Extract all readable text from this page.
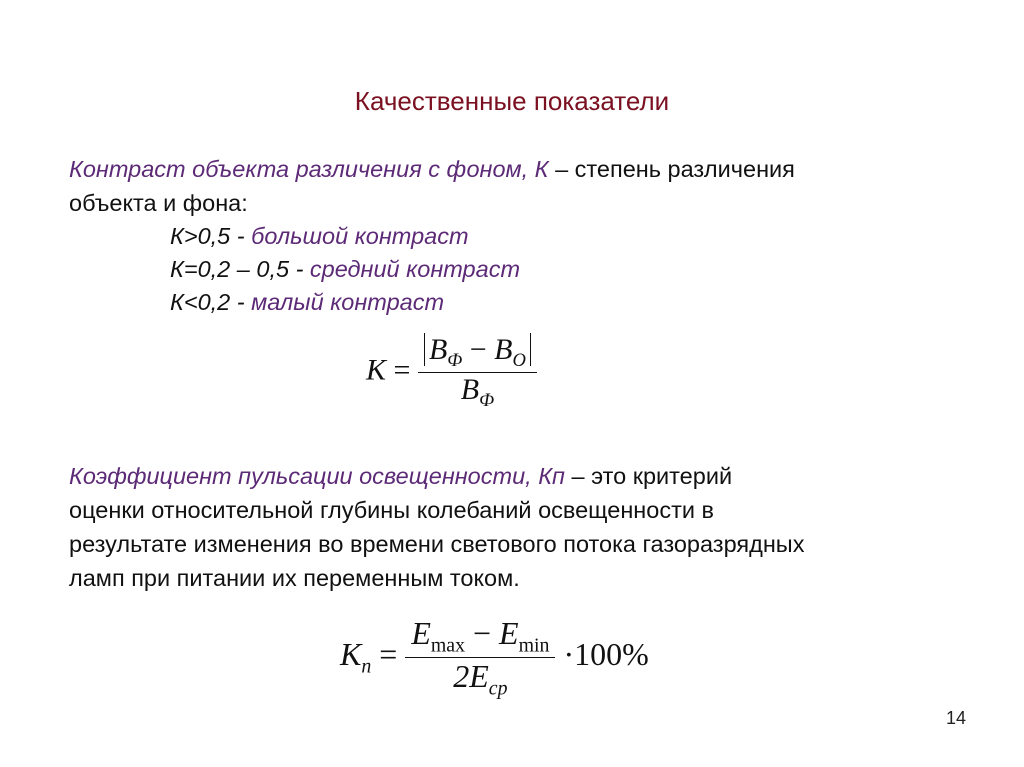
Качественные показатели
Контраст объекта различения с фоном, К – степень различения
объекта и фона:
К>0,5 - большой контраст
К=0,2 – 0,5 - средний контраст
К<0,2 - малый контраст
$K = \frac{B_Ф - B_O}{B_Ф}$
Коэффициент пульсации освещенности, Кп – это критерий
оценки относительной глубины колебаний освещенности в
результате изменения во времени светового потока газоразрядных
ламп при питании их переменным током.
$K_п = \frac{E_{max} - E_{min}}{2E_{ср}} \cdot 100\%$
14
